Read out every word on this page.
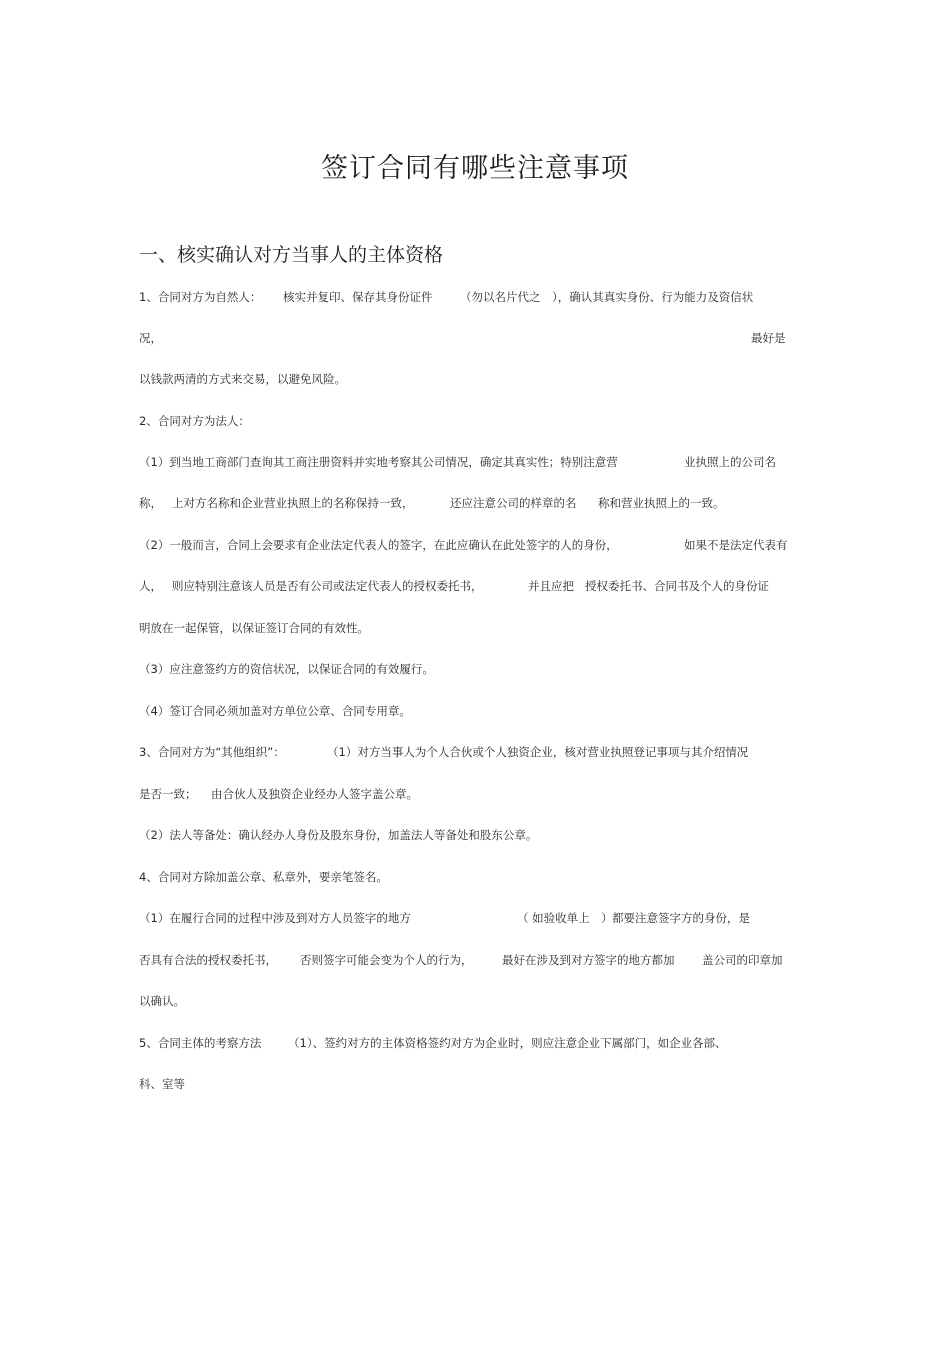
签订合同有哪些注意事项
一、核实确认对方当事人的主体资格
1、合同对方为自然人： 核实并复印、保存其身份证件 （勿以名片代之　），确认其真实身份、行为能力及资信状
况，	最好是
以钱款两清的方式来交易，以避免风险。
2、合同对方为法人：
（1）到当地工商部门查询其工商注册资料并实地考察其公司情况，确定其真实性；特别注意营	业执照上的公司名
称， 上对方名称和企业营业执照上的名称保持一致，	还应注意公司的样章的名 称和营业执照上的一致。
（2）一般而言，合同上会要求有企业法定代表人的签字，在此应确认在此处签字的人的身份，	如果不是法定代表有
人， 则应特别注意该人员是否有公司或法定代表人的授权委托书，	并且应把 授权委托书、合同书及个人的身份证
明放在一起保管，以保证签订合同的有效性。
（3）应注意签约方的资信状况，以保证合同的有效履行。
（4）签订合同必须加盖对方单位公章、合同专用章。
3、合同对方为“其他组织”：	（1）对方当事人为个人合伙或个人独资企业，核对营业执照登记事项与其介绍情况
是否一致； 由合伙人及独资企业经办人签字盖公章。
（2）法人等备处：确认经办人身份及股东身份，加盖法人等备处和股东公章。
4、合同对方除加盖公章、私章外，要亲笔签名。
（1）在履行合同的过程中涉及到对方人员签字的地方	（ 如验收单上　） 都要注意签字方的身份，是
否具有合法的授权委托书， 否则签字可能会变为个人的行为，	最好在涉及到对方签字的地方都加 盖公司的印章加
以确认。
5、合同主体的考察方法 （1）、签约对方的主体资格签约对方为企业时，则应注意企业下属部门，如企业各部、
科、室等
